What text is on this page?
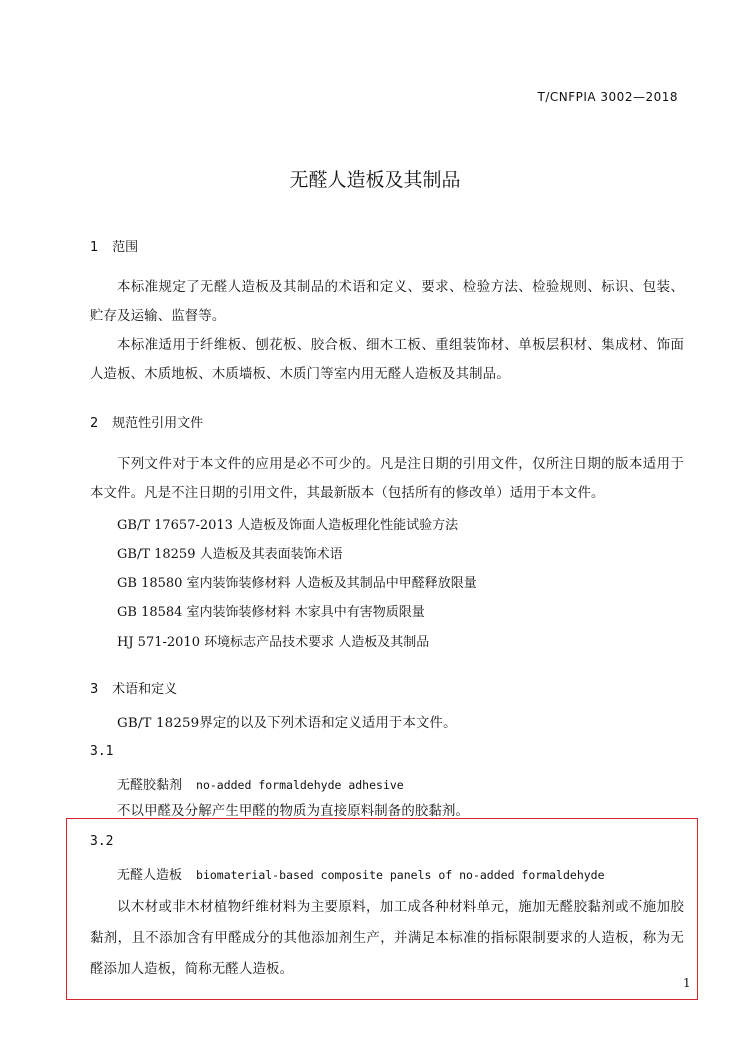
T/CNFPIA 3002—2018
无醛人造板及其制品
1 范围
本标准规定了无醛人造板及其制品的术语和定义、要求、检验方法、检验规则、标识、包装、贮存及运输、监督等。
本标准适用于纤维板、刨花板、胶合板、细木工板、重组装饰材、单板层积材、集成材、饰面人造板、木质地板、木质墙板、木质门等室内用无醛人造板及其制品。
2 规范性引用文件
下列文件对于本文件的应用是必不可少的。凡是注日期的引用文件，仅所注日期的版本适用于本文件。凡是不注日期的引用文件，其最新版本（包括所有的修改单）适用于本文件。
GB/T 17657-2013 人造板及饰面人造板理化性能试验方法
GB/T 18259 人造板及其表面装饰术语
GB 18580 室内装饰装修材料 人造板及其制品中甲醛释放限量
GB 18584 室内装饰装修材料 木家具中有害物质限量
HJ 571-2010 环境标志产品技术要求 人造板及其制品
3 术语和定义
GB/T 18259界定的以及下列术语和定义适用于本文件。
3.1
无醛胶黏剂 no-added formaldehyde adhesive
不以甲醛及分解产生甲醛的物质为直接原料制备的胶黏剂。
3.2
无醛人造板 biomaterial-based composite panels of no-added formaldehyde
以木材或非木材植物纤维材料为主要原料，加工成各种材料单元，施加无醛胶黏剂或不施加胶黏剂，且不添加含有甲醛成分的其他添加剂生产，并满足本标准的指标限制要求的人造板，称为无醛添加人造板，简称无醛人造板。
1
